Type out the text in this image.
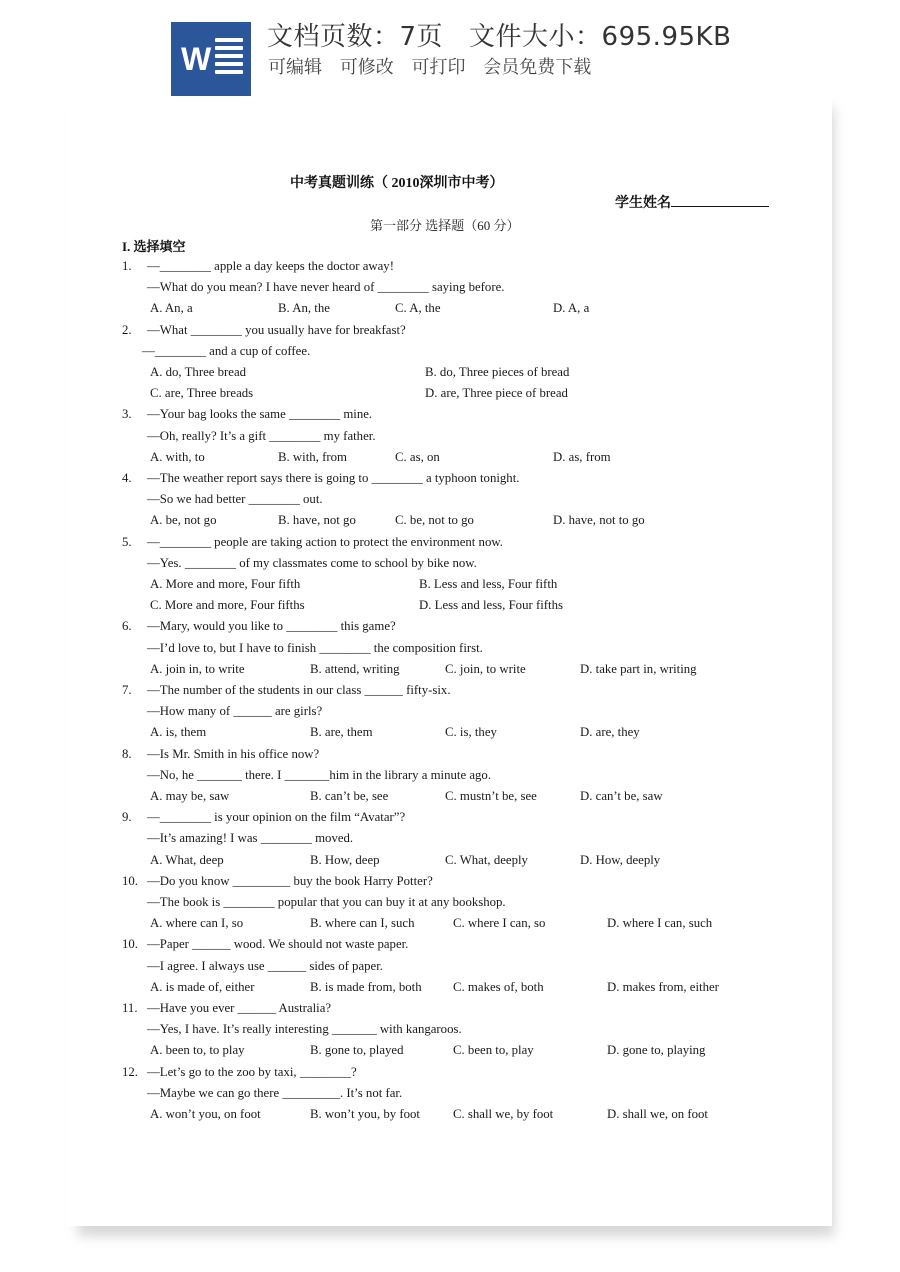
W
文档页数：7页 文件大小：695.95KB
可编辑 可修改 可打印 会员免费下载
中考真题训练（ 2010深圳市中考）
学生姓名
第一部分 选择题（60 分）
I. 选择填空
1. —________ apple a day keeps the doctor away!
—What do you mean? I have never heard of ________ saying before.
A. An, a	B. An, the	C. A, the	D. A, a
2. —What ________ you usually have for breakfast?
—________ and a cup of coffee.
A. do, Three bread	B. do, Three pieces of bread
C. are, Three breads	D. are, Three piece of bread
3. —Your bag looks the same ________ mine.
—Oh, really? It’s a gift ________ my father.
A. with, to	B. with, from	C. as, on	D. as, from
4. —The weather report says there is going to ________ a typhoon tonight.
—So we had better ________ out.
A. be, not go	B. have, not go	C. be, not to go	D. have, not to go
5. —________ people are taking action to protect the environment now.
—Yes. ________ of my classmates come to school by bike now.
A. More and more, Four fifth	B. Less and less, Four fifth
C. More and more, Four fifths	D. Less and less, Four fifths
6. —Mary, would you like to ________ this game?
—I’d love to, but I have to finish ________ the composition first.
A. join in, to write	B. attend, writing	C. join, to write	D. take part in, writing
7. —The number of the students in our class ______ fifty-six.
—How many of ______ are girls?
A. is, them	B. are, them	C. is, they	D. are, they
8. —Is Mr. Smith in his office now?
—No, he _______ there. I _______him in the library a minute ago.
A. may be, saw	B. can’t be, see	C. mustn’t be, see	D. can’t be, saw
9. —________ is your opinion on the film “Avatar”?
—It’s amazing! I was ________ moved.
A. What, deep	B. How, deep	C. What, deeply	D. How, deeply
10. —Do you know _________ buy the book Harry Potter?
—The book is ________ popular that you can buy it at any bookshop.
A. where can I, so	B. where can I, such	C. where I can, so	D. where I can, such
10. —Paper ______ wood. We should not waste paper.
—I agree. I always use ______ sides of paper.
A. is made of, either	B. is made from, both C. makes of, both	D. makes from, either
11. —Have you ever ______ Australia?
—Yes, I have. It’s really interesting _______ with kangaroos.
A. been to, to play	B. gone to, played	C. been to, play	D. gone to, playing
12. —Let’s go to the zoo by taxi, ________?
—Maybe we can go there _________. It’s not far.
A. won’t you, on foot	B. won’t you, by foot	C. shall we, by foot	D. shall we, on foot
